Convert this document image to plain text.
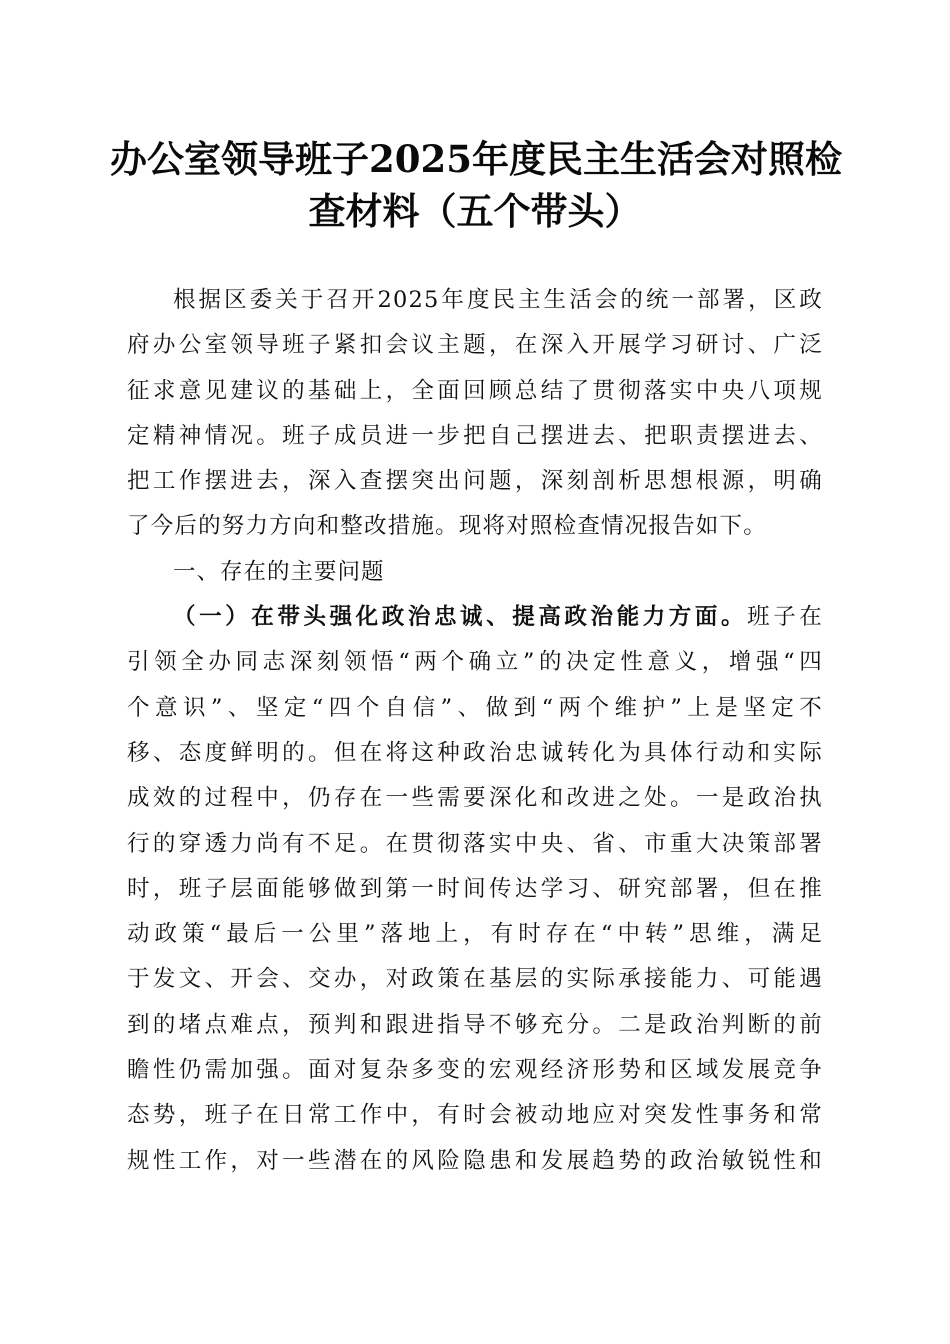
办公室领导班子2025年度民主生活会对照检
查材料（五个带头）
根据区委关于召开2025年度民主生活会的统一部署，区政
府办公室领导班子紧扣会议主题，在深入开展学习研讨、广泛
征求意见建议的基础上，全面回顾总结了贯彻落实中央八项规
定精神情况。班子成员进一步把自己摆进去、把职责摆进去、
把工作摆进去，深入查摆突出问题，深刻剖析思想根源，明确
了今后的努力方向和整改措施。现将对照检查情况报告如下。
一、存在的主要问题
（一）在带头强化政治忠诚、提高政治能力方面。班子在
引领全办同志深刻领悟“两个确立”的决定性意义，增强“四
个意识”、坚定“四个自信”、做到“两个维护”上是坚定不
移、态度鲜明的。但在将这种政治忠诚转化为具体行动和实际
成效的过程中，仍存在一些需要深化和改进之处。一是政治执
行的穿透力尚有不足。在贯彻落实中央、省、市重大决策部署
时，班子层面能够做到第一时间传达学习、研究部署，但在推
动政策“最后一公里”落地上，有时存在“中转”思维，满足
于发文、开会、交办，对政策在基层的实际承接能力、可能遇
到的堵点难点，预判和跟进指导不够充分。二是政治判断的前
瞻性仍需加强。面对复杂多变的宏观经济形势和区域发展竞争
态势，班子在日常工作中，有时会被动地应对突发性事务和常
规性工作，对一些潜在的风险隐患和发展趋势的政治敏锐性和
